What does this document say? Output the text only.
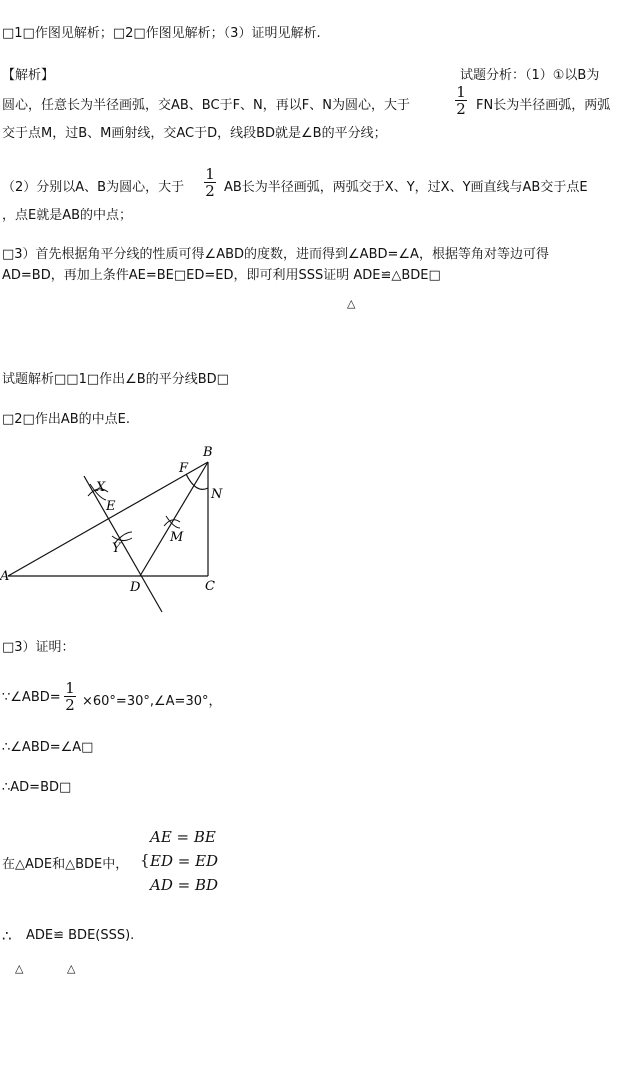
□1□作图见解析；□2□作图见解析；（3）证明见解析.
【解析】	试题分析：（1）①以B为
圆心，任意长为半径画弧，交AB、BC于F、N，再以F、N为圆心，大于
1
2 FN长为半径画弧，两弧
交于点M，过B、M画射线，交AC于D，线段BD就是∠B的平分线；
（2）分别以A、B为圆心，大于
1
2 AB长为半径画弧，两弧交于X、Y，过X、Y画直线与AB交于点E
，点E就是AB的中点；
□3）首先根据角平分线的性质可得∠ABD的度数，进而得到∠ABD=∠A，根据等角对等边可得
AD=BD，再加上条件AE=BE□ED=ED，即可利用SSS证明 ADE≌△BDE□
△
试题解析□□1□作出∠B的平分线BD□
□2□作出AB的中点E.
A
B
C
D
E
F
N
M
X
Y
□3）证明：
∵∠ABD=
1
2 ×60°=30°,∠A=30°，
∴∠ABD=∠A□
∴AD=BD□
在△ADE和△BDE中， {
AE = BE
ED = ED
AD = BD
∴ ADE≌ BDE(SSS).
△	△
